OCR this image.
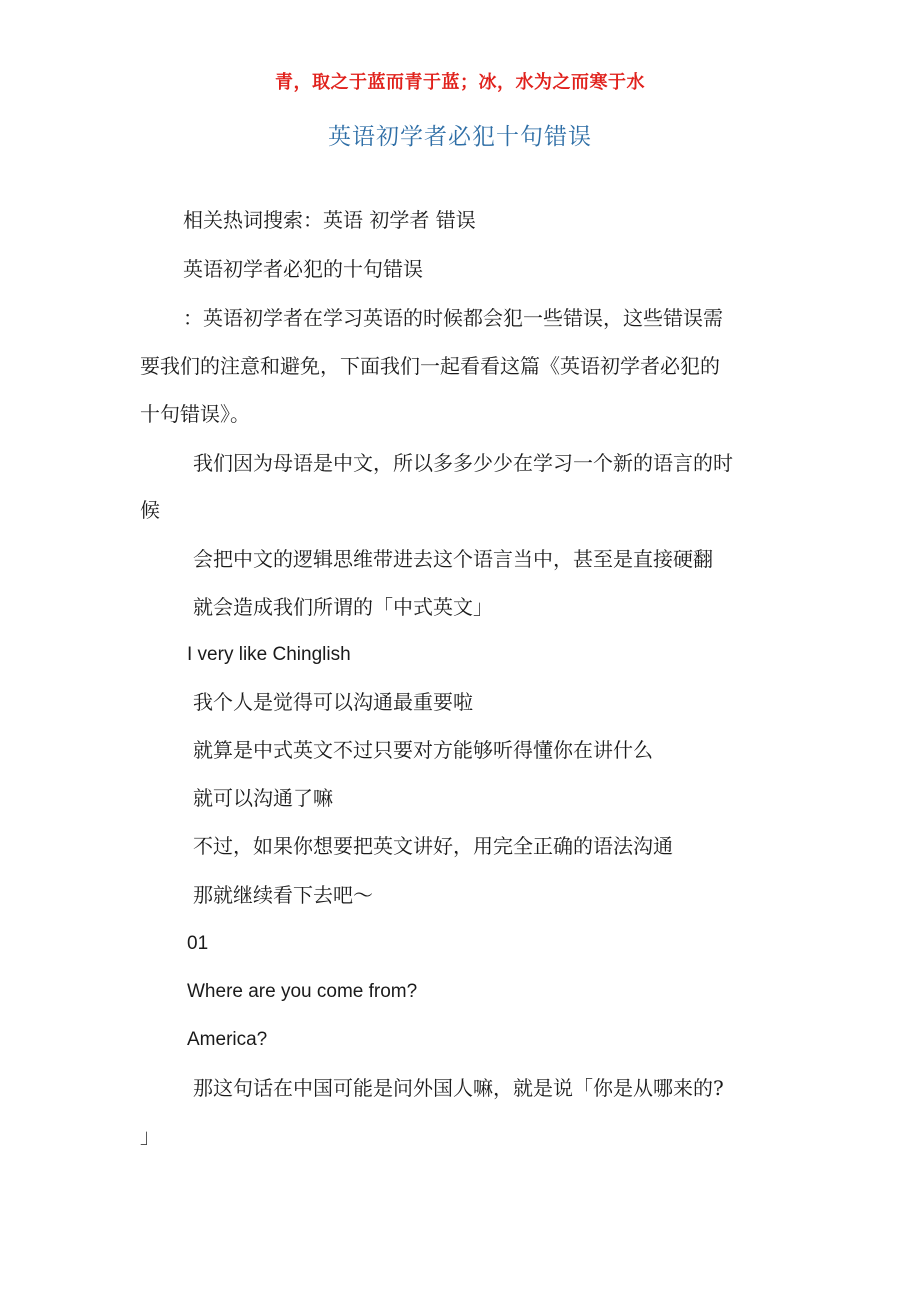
青，取之于蓝而青于蓝；冰，水为之而寒于水
英语初学者必犯十句错误
相关热词搜索：英语 初学者 错误
英语初学者必犯的十句错误
：英语初学者在学习英语的时候都会犯一些错误，这些错误需
要我们的注意和避免，下面我们一起看看这篇《英语初学者必犯的
十句错误》。
我们因为母语是中文，所以多多少少在学习一个新的语言的时
候
会把中文的逻辑思维带进去这个语言当中，甚至是直接硬翻
就会造成我们所谓的「中式英文」
I very like Chinglish
我个人是觉得可以沟通最重要啦
就算是中式英文不过只要对方能够听得懂你在讲什么
就可以沟通了嘛
不过，如果你想要把英文讲好，用完全正确的语法沟通
那就继续看下去吧～
01
Where are you come from?
America?
那这句话在中国可能是问外国人嘛，就是说「你是从哪来的?
」
